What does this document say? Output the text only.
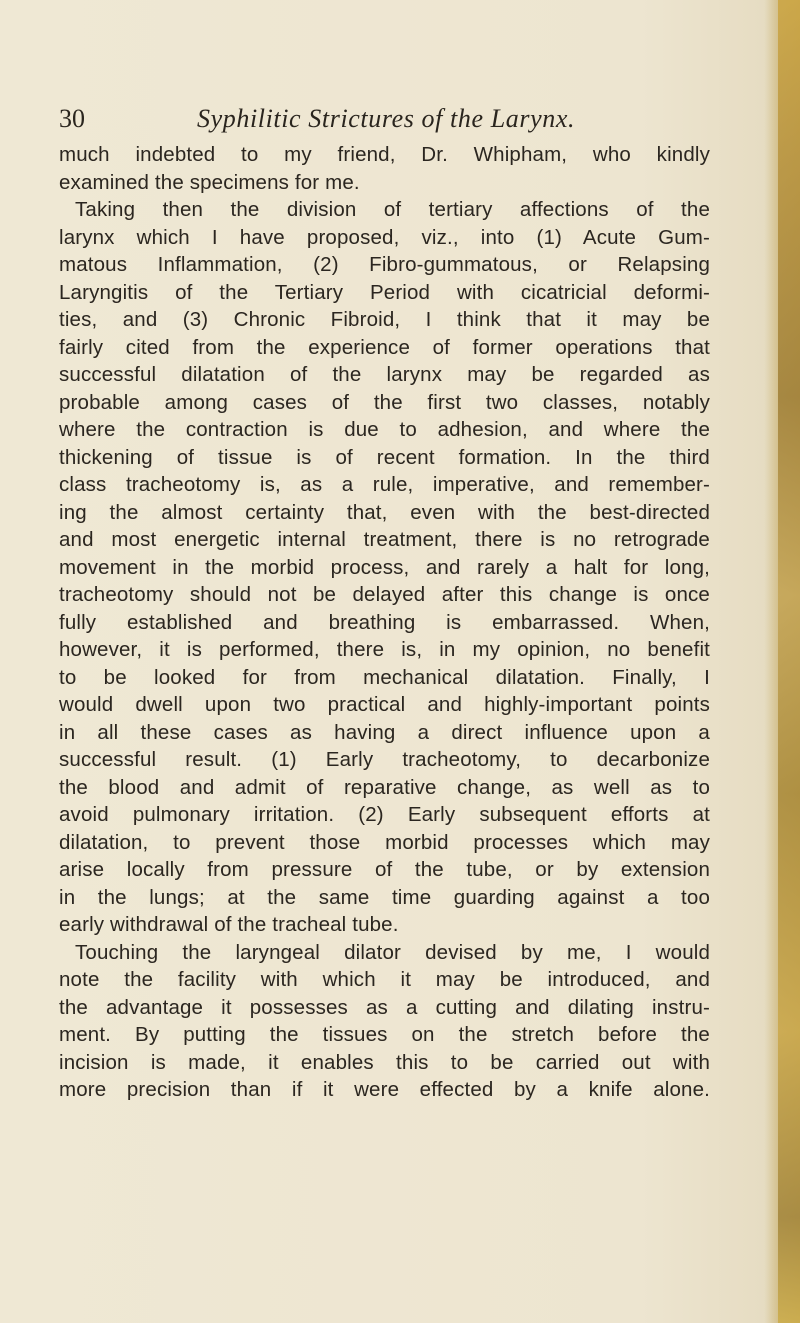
30	Syphilitic Strictures of the Larynx.

much indebted to my friend, Dr. Whipham, who kindly
examined the specimens for me.

Taking then the division of tertiary affections of the
larynx which I have proposed, viz., into (1) Acute Gum-
matous Inflammation, (2) Fibro-gummatous, or Relapsing
Laryngitis of the Tertiary Period with cicatricial deformi-
ties, and (3) Chronic Fibroid, I think that it may be
fairly cited from the experience of former operations that
successful dilatation of the larynx may be regarded as
probable among cases of the first two classes, notably
where the contraction is due to adhesion, and where the
thickening of tissue is of recent formation. In the third
class tracheotomy is, as a rule, imperative, and remember-
ing the almost certainty that, even with the best-directed
and most energetic internal treatment, there is no retrograde
movement in the morbid process, and rarely a halt for long,
tracheotomy should not be delayed after this change is once
fully established and breathing is embarrassed. When,
however, it is performed, there is, in my opinion, no benefit
to be looked for from mechanical dilatation. Finally, I
would dwell upon two practical and highly-important points
in all these cases as having a direct influence upon a
successful result. (1) Early tracheotomy, to decarbonize
the blood and admit of reparative change, as well as to
avoid pulmonary irritation. (2) Early subsequent efforts at
dilatation, to prevent those morbid processes which may
arise locally from pressure of the tube, or by extension
in the lungs; at the same time guarding against a too
early withdrawal of the tracheal tube.

Touching the laryngeal dilator devised by me, I would
note the facility with which it may be introduced, and
the advantage it possesses as a cutting and dilating instru-
ment. By putting the tissues on the stretch before the
incision is made, it enables this to be carried out with
more precision than if it were effected by a knife alone.
